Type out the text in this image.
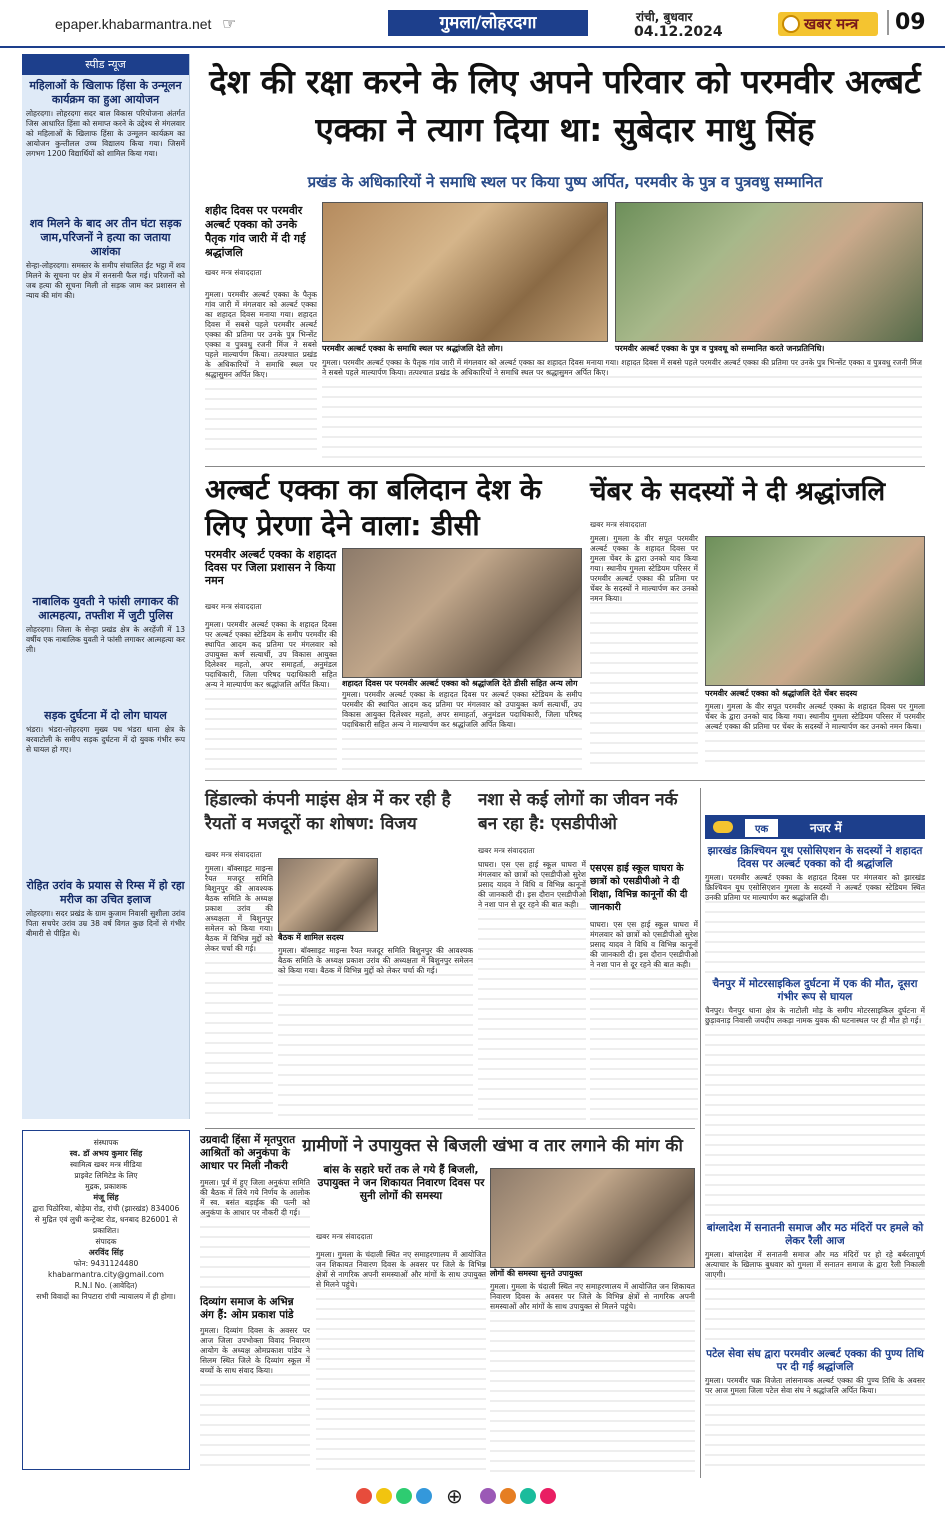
epaper.khabarmantra.net ☞	गुमला/लोहरदगा	रांची, बुधवार
04.12.2024	खबर मन्त्र	09
स्पीड न्यूज
महिलाओं के खिलाफ हिंसा के उन्मूलन कार्यक्रम का हुआ आयोजन
लोहरदगा। लोहरदगा सदर बाल विकास परियोजना अंतर्गत जिस आधारित हिंसा को समाप्त करने के उद्देश्य से मंगलवार को महिलाओं के खिलाफ हिंसा के उन्मूलन कार्यक्रम का आयोजन कुन्तीलल उच्च विद्यालय किया गया। जिसमें लगभग 1200 विद्यार्थियों को शामिल किया गया।
शव मिलने के बाद अर तीन घंटा सड़क जाम,परिजनों ने हत्या का जताया आशंका
सेन्हा-लोहरदगा। समस्तर के समीप संचालित ईंट भट्ठा में शव मिलने के सूचना पर क्षेत्र में सनसनी फैल गई। परिजनों को जब हत्या की सूचना मिली तो सड़क जाम कर प्रशासन से न्याय की मांग की।
नाबालिक युवती ने फांसी लगाकर की आत्महत्या, तफ्तीश में जुटी पुलिस
लोहरदगा। जिला के सेन्हा प्रखंड क्षेत्र के अरहेंजी में 13 वर्षीय एक नाबालिक युवती ने फांसी लगाकर आत्महत्या कर ली।
सड़क दुर्घटना में दो लोग घायल
भंडरा। भंडरा-लोहरदगा मुख्य पथ भंडरा थाना क्षेत्र के बरवाटोली के समीप सड़क दुर्घटना में दो युवक गंभीर रूप से घायल हो गए।
रोहित उरांव के प्रयास से रिम्स में हो रहा मरीज का उचित इलाज
लोहरदगा। सदर प्रखंड के ग्राम कुजाम निवासी सुशीला उरांव पिता सचपेर उरांव उम्र 38 वर्ष विगत कुछ दिनों से गंभीर बीमारी से पीड़ित थे।
देश की रक्षा करने के लिए अपने परिवार को परमवीर अल्बर्ट एक्का ने त्याग दिया था: सुबेदार माधु सिंह
प्रखंड के अधिकारियों ने समाधि स्थल पर किया पुष्प अर्पित, परमवीर के पुत्र व पुत्रवधु सम्मानित
शहीद दिवस पर परमवीर अल्बर्ट एक्का को उनके पैतृक गांव जारी में दी गई श्रद्धांजलि
खबर मन्त्र संवाददाता
परमवीर अल्बर्ट एक्का के समाधि स्थल पर श्रद्धांजलि देते लोग।	परमवीर अल्बर्ट एक्का के पुत्र व पुत्रवधू को सम्मानित करते जनप्रतिनिधि।
गुमला। परमवीर अल्बर्ट एक्का के पैतृक गांव जारी में मंगलवार को अल्बर्ट एक्का का शहादत दिवस मनाया गया। शहादत दिवस में सबसे पहले परमवीर अल्बर्ट एक्का की प्रतिमा पर उनके पुत्र भिन्सेंट एक्का व पुत्रवधु रजनी मिंज ने सबसे पहले माल्यार्पण किया। तत्पश्चात प्रखंड के अधिकारियों ने समाधि स्थल पर श्रद्धासुमन अर्पित किए।
गुमला। परमवीर अल्बर्ट एक्का के पैतृक गांव जारी में मंगलवार को अल्बर्ट एक्का का शहादत दिवस मनाया गया। शहादत दिवस में सबसे पहले परमवीर अल्बर्ट एक्का की प्रतिमा पर उनके पुत्र भिन्सेंट एक्का व पुत्रवधु रजनी मिंज ने सबसे पहले माल्यार्पण किया। तत्पश्चात प्रखंड के अधिकारियों ने समाधि स्थल पर श्रद्धासुमन अर्पित किए।
अल्बर्ट एक्का का बलिदान देश के लिए प्रेरणा देने वाला: डीसी
परमवीर अल्बर्ट एक्का के शहादत दिवस पर जिला प्रशासन ने किया नमन
खबर मन्त्र संवाददाता
शहादत दिवस पर परमवीर अल्बर्ट एक्का को श्रद्धांजलि देते डीसी सहित अन्य लोग
गुमला। परमवीर अल्बर्ट एक्का के शहादत दिवस पर अल्बर्ट एक्का स्टेडियम के समीप परमवीर की स्थापित आदम कद प्रतिमा पर मंगलवार को उपायुक्त कर्ण सत्यार्थी, उप विकास आयुक्त दिलेश्वर महतो, अपर समाहर्ता, अनुमंडल पदाधिकारी, जिला परिषद पदाधिकारी सहित अन्य ने माल्यार्पण कर श्रद्धांजलि अर्पित किया।
गुमला। परमवीर अल्बर्ट एक्का के शहादत दिवस पर अल्बर्ट एक्का स्टेडियम के समीप परमवीर की स्थापित आदम कद प्रतिमा पर मंगलवार को उपायुक्त कर्ण सत्यार्थी, उप विकास आयुक्त दिलेश्वर महतो, अपर समाहर्ता, अनुमंडल पदाधिकारी, जिला परिषद पदाधिकारी सहित अन्य ने माल्यार्पण कर श्रद्धांजलि अर्पित किया।
चेंबर के सदस्यों ने दी श्रद्धांजलि
खबर मन्त्र संवाददाता
गुमला। गुमला के वीर सपूत परमवीर अल्बर्ट एक्का के शहादत दिवस पर गुमला चेंबर के द्वारा उनको याद किया गया। स्थानीय गुमला स्टेडियम परिसर में परमवीर अल्बर्ट एक्का की प्रतिमा पर चेंबर के सदस्यों ने माल्यार्पण कर उनको नमन किया।
परमवीर अल्बर्ट एक्का को श्रद्धांजलि देते चेंबर सदस्य
गुमला। गुमला के वीर सपूत परमवीर अल्बर्ट एक्का के शहादत दिवस पर गुमला चेंबर के द्वारा उनको याद किया गया। स्थानीय गुमला स्टेडियम परिसर में परमवीर अल्बर्ट एक्का की प्रतिमा पर चेंबर के सदस्यों ने माल्यार्पण कर उनको नमन किया।
हिंडाल्को कंपनी माइंस क्षेत्र में कर रही है रैयतों व मजदूरों का शोषण: विजय
खबर मन्त्र संवाददाता
बैठक में शामिल सदस्य
गुमला। बॉक्साइट माइन्स रैयत मजदूर समिति बिशुनपुर की आवश्यक बैठक समिति के अध्यक्ष प्रकाश उरांव की अध्यक्षता में बिशुनपुर समेलन को किया गया। बैठक में विभिन्न मुद्दों को लेकर चर्चा की गई।	गुमला। बॉक्साइट माइन्स रैयत मजदूर समिति बिशुनपुर की आवश्यक बैठक समिति के अध्यक्ष प्रकाश उरांव की अध्यक्षता में बिशुनपुर समेलन को किया गया। बैठक में विभिन्न मुद्दों को लेकर चर्चा की गई।
नशा से कई लोगों का जीवन नर्क बन रहा है: एसडीपीओ
खबर मन्त्र संवाददाता
एसएस हाई स्कूल घाघरा के छात्रों को एसडीपीओ ने दी शिक्षा, विभिन्न कानूनों की दी जानकारी
घाघरा। एस एस हाई स्कूल घाघरा में मंगलवार को छात्रों को एसडीपीओ सुरेश प्रसाद यादव ने विधि व विभिन्न कानूनों की जानकारी दी। इस दौरान एसडीपीओ ने नशा पान से दूर रहने की बात कही।
घाघरा। एस एस हाई स्कूल घाघरा में मंगलवार को छात्रों को एसडीपीओ सुरेश प्रसाद यादव ने विधि व विभिन्न कानूनों की जानकारी दी। इस दौरान एसडीपीओ ने नशा पान से दूर रहने की बात कही।
एक	नजर में
झारखंड क्रिश्चियन यूथ एसोसिएशन के सदस्यों ने शहादत दिवस पर अल्बर्ट एक्का को दी श्रद्धांजलि
गुमला। परमवीर अल्बर्ट एक्का के शहादत दिवस पर मंगलवार को झारखंड क्रिश्चियन यूथ एसोसिएशन गुमला के सदस्यों ने अल्बर्ट एक्का स्टेडियम स्थित उनकी प्रतिमा पर माल्यार्पण कर श्रद्धांजलि दी।
चैनपुर में मोटरसाइकिल दुर्घटना में एक की मौत, दूसरा गंभीर रूप से घायल
चैनपुर। चैनपुर थाना क्षेत्र के नाटोली मोड़ के समीप मोटरसाइकिल दुर्घटना में छुड़ावनाड़ निवासी जयदीप लकड़ा नामक युवक की घटनास्थल पर ही मौत हो गई।
बांग्लादेश में सनातनी समाज और मठ मंदिरों पर हमले को लेकर रैली आज
गुमला। बांग्लादेश में सनातनी समाज और मठ मंदिरों पर हो रहे बर्बरतापूर्ण अत्याचार के खिलाफ बुधवार को गुमला में सनातन समाज के द्वारा रैली निकाली जाएगी।
पटेल सेवा संघ द्वारा परमवीर अल्बर्ट एक्का की पुण्य तिथि पर दी गई श्रद्धांजलि
गुमला। परमवीर चक्र विजेता लांसनायक अल्बर्ट एक्का की पुण्य तिथि के अवसर पर आज गुमला जिला पटेल सेवा संघ ने श्रद्धांजलि अर्पित किया।
संस्थापक
स्व. डॉ अभय कुमार सिंह
स्वामित्व खबर मन्त्र मीडिया
प्राइवेट लिमिटेड के लिए
मुद्रक, प्रकाशक
मंजू सिंह
द्वारा पिठोरिया, बोड़ेया रोड, रांची (झारखंड) 834006 से मुद्रित एवं लुधी कन्ट्रेक्ट रोड, धनबाद 826001 से प्रकाशित।
संपादक
अरविंद सिंह
फोन: 9431124480
khabarmantra.city@gmail.com
R.N.I No. (आवेदित)
सभी विवादों का निपटारा रांची न्यायालय में ही होगा।
उग्रवादी हिंसा में मृतपुरात आश्रितों को अनुकंपा के आधार पर मिली नौकरी
गुमला। पूर्व में हुए जिला अनुकंपा समिति की बैठक में लिये गये निर्णय के आलोक में स्व. बसंत बड़ाईक की पत्नी को अनुकंपा के आधार पर नौकरी दी गई।
दिव्यांग समाज के अभिन्न अंग हैं: ओम प्रकाश पांडे
गुमला। दिव्यांग दिवस के अवसर पर आज जिला उपभोक्ता विवाद निवारण आयोग के अध्यक्ष ओमप्रकाश पांडेय ने सिलम स्थित जिले के दिव्यांग स्कूल में बच्चों के साथ संवाद किया।
ग्रामीणों ने उपायुक्त से बिजली खंभा व तार लगाने की मांग की
बांस के सहारे घरों तक ले गये हैं बिजली, उपायुक्त ने जन शिकायत निवारण दिवस पर सुनी लोगों की समस्या
खबर मन्त्र संवाददाता
लोगों की समस्या सुनते उपायुक्त
गुमला। गुमला के चंदाली स्थित नए समाहरणालय में आयोजित जन शिकायत निवारण दिवस के अवसर पर जिले के विभिन्न क्षेत्रों से नागरिक अपनी समस्याओं और मांगों के साथ उपायुक्त से मिलने पहुंचे।	गुमला। गुमला के चंदाली स्थित नए समाहरणालय में आयोजित जन शिकायत निवारण दिवस के अवसर पर जिले के विभिन्न क्षेत्रों से नागरिक अपनी समस्याओं और मांगों के साथ उपायुक्त से मिलने पहुंचे।
⊕
